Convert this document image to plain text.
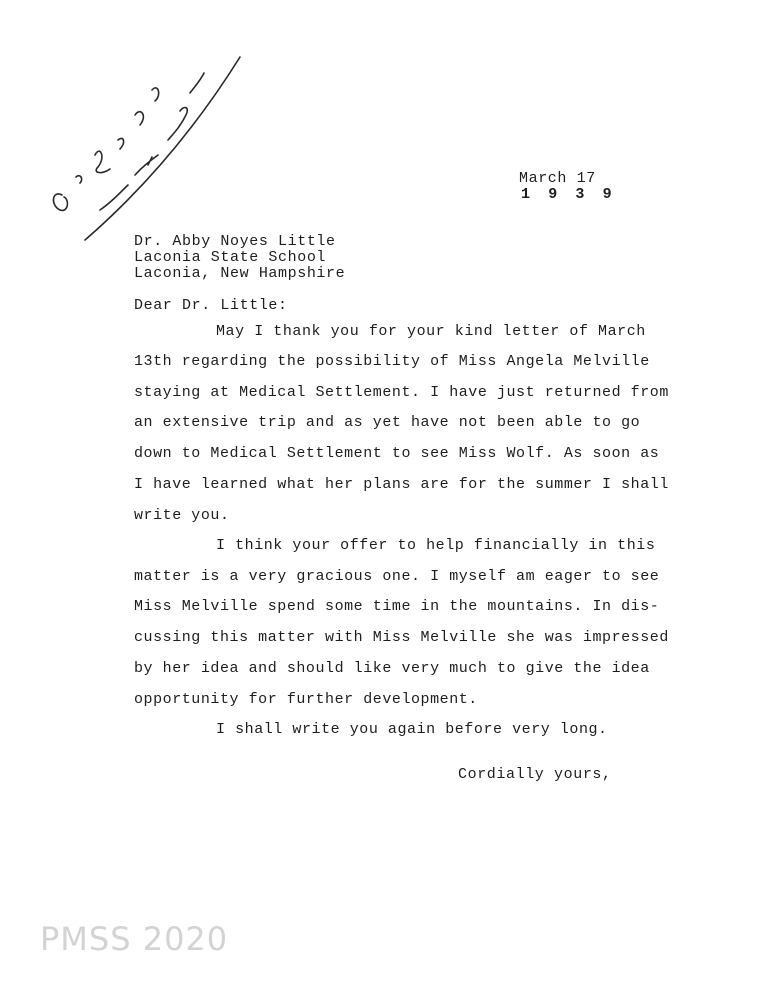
March 17
1 9 3 9
Dr. Abby Noyes Little
Laconia State School
Laconia, New Hampshire
Dear Dr. Little:
May I thank you for your kind letter of March
13th regarding the possibility of Miss Angela Melville
staying at Medical Settlement. I have just returned from
an extensive trip and as yet have not been able to go
down to Medical Settlement to see Miss Wolf. As soon as
I have learned what her plans are for the summer I shall
write you.
I think your offer to help financially in this
matter is a very gracious one. I myself am eager to see
Miss Melville spend some time in the mountains. In dis-
cussing this matter with Miss Melville she was impressed
by her idea and should like very much to give the idea
opportunity for further development.
I shall write you again before very long.
Cordially yours,
PMSS 2020
